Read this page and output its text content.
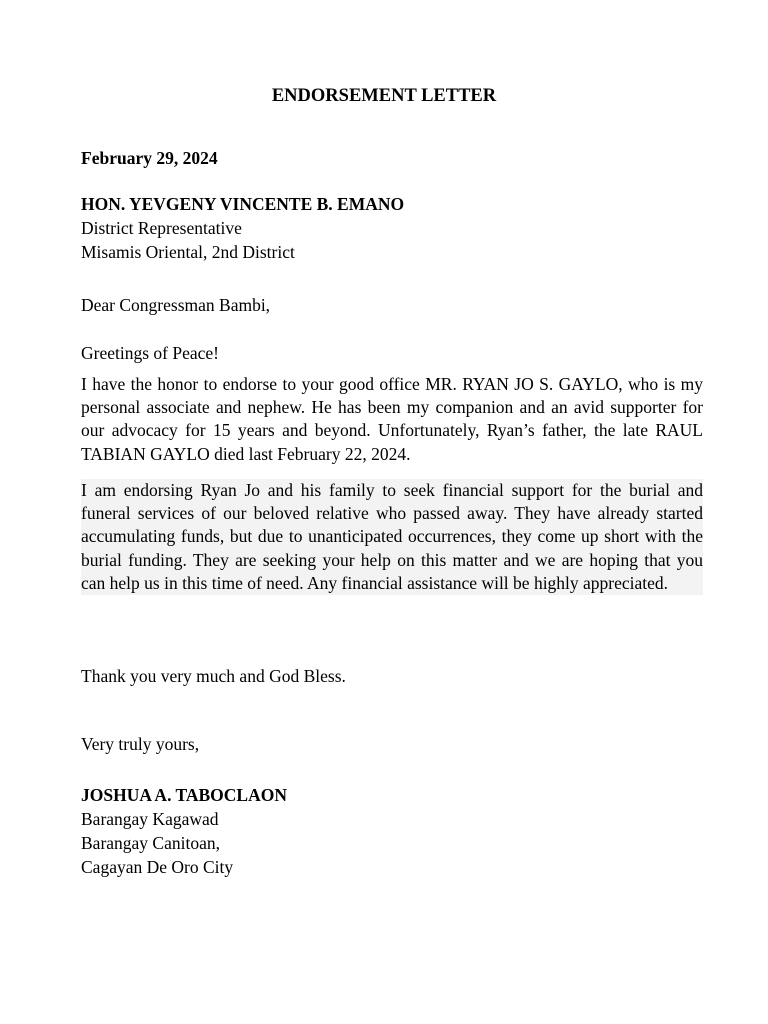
ENDORSEMENT LETTER

February 29, 2024

HON. YEVGENY VINCENTE B. EMANO

District Representative

Misamis Oriental, 2nd District

Dear Congressman Bambi,

Greetings of Peace!

I have the honor to endorse to your good office MR. RYAN JO S. GAYLO, who is my personal associate and nephew. He has been my companion and an avid supporter for our advocacy for 15 years and beyond. Unfortunately, Ryan’s father, the late RAUL TABIAN GAYLO died last February 22, 2024.

I am endorsing Ryan Jo and his family to seek financial support for the burial and funeral services of our beloved relative who passed away. They have already started accumulating funds, but due to unanticipated occurrences, they come up short with the burial funding. They are seeking your help on this matter and we are hoping that you can help us in this time of need. Any financial assistance will be highly appreciated.

Thank you very much and God Bless.

Very truly yours,

JOSHUA A. TABOCLAON

Barangay Kagawad

Barangay Canitoan,

Cagayan De Oro City
